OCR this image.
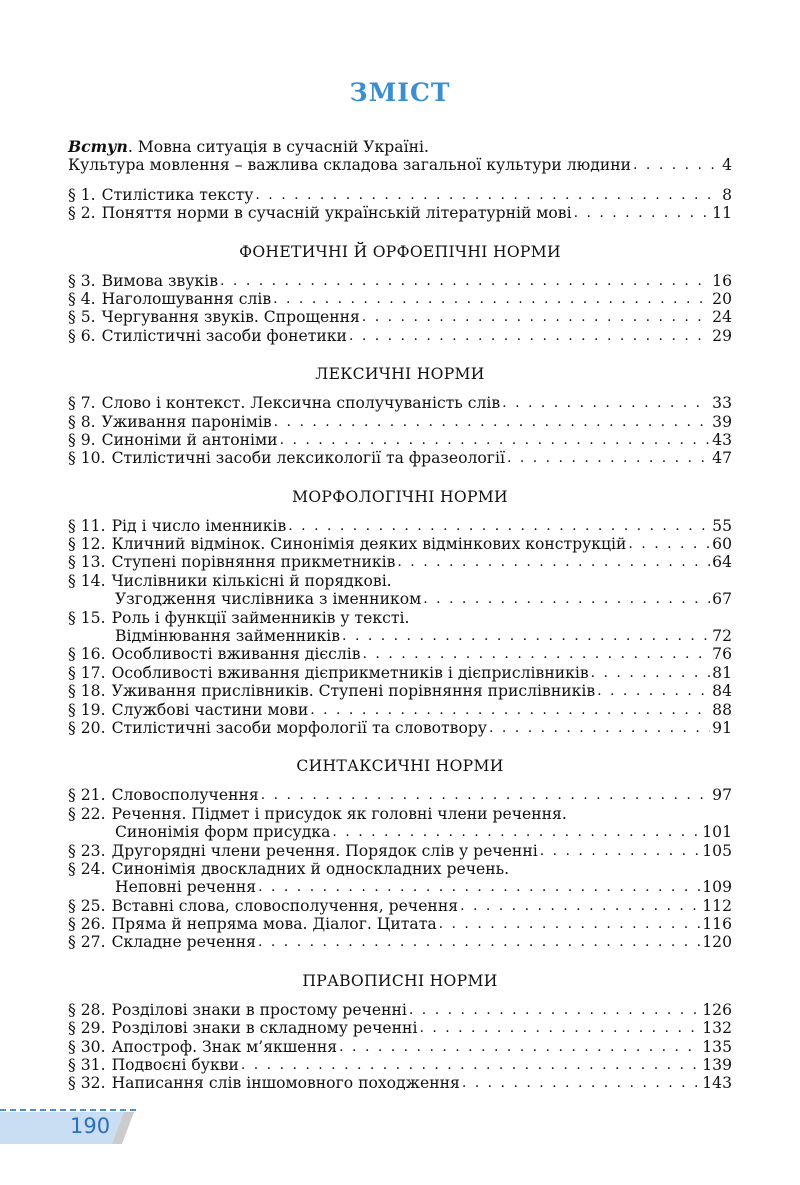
ЗМІСТ
Вступ . Мовна ситуація в сучасній Україні.
Культура мовлення – важлива складова загальної культури людини . . .	4
§ 1. Стилістика тексту . . .	8
§ 2. Поняття норми в сучасній українській літературній мові . . .	11
ФОНЕТИЧНІ Й ОРФОЕПІЧНІ НОРМИ
§ 3. Вимова звуків . . .	16
§ 4. Наголошування слів . . .	20
§ 5. Чергування звуків. Спрощення . . .	24
§ 6. Стилістичні засоби фонетики . . .	29
ЛЕКСИЧНІ НОРМИ
§ 7. Слово і контекст. Лексична сполучуваність слів . . .	33
§ 8. Уживання паронімів . . .	39
§ 9. Синоніми й антоніми . . .	43
§ 10. Стилістичні засоби лексикології та фразеології . . .	47
МОРФОЛОГІЧНІ НОРМИ
§ 11. Рід і число іменників . . .	55
§ 12. Кличний відмінок. Синонімія деяких відмінкових конструкцій . . .	60
§ 13. Ступені порівняння прикметників . . .	64
§ 14. Числівники кількісні й порядкові.
Узгодження числівника з іменником . . .	67
§ 15. Роль і функції займенників у тексті.
Відмінювання займенників . . .	72
§ 16. Особливості вживання дієслів . . .	76
§ 17. Особливості вживання дієприкметників і дієприслівників . . .	81
§ 18. Уживання прислівників. Ступені порівняння прислівників . . .	84
§ 19. Службові частини мови . . .	88
§ 20. Стилістичні засоби морфології та словотвору . . .	91
СИНТАКСИЧНІ НОРМИ
§ 21. Словосполучення . . .	97
§ 22. Речення. Підмет і присудок як головні члени речення.
Синонімія форм присудка . . .	101
§ 23. Другорядні члени речення. Порядок слів у реченні . . .	105
§ 24. Синонімія двоскладних й односкладних речень.
Неповні речення . . .	109
§ 25. Вставні слова, словосполучення, речення . . .	112
§ 26. Пряма й непряма мова. Діалог. Цитата . . .	116
§ 27. Складне речення . . .	120
ПРАВОПИСНІ НОРМИ
§ 28. Розділові знаки в простому реченні . . .	126
§ 29. Розділові знаки в складному реченні . . .	132
§ 30. Апостроф. Знак м’якшення . . .	135
§ 31. Подвоєні букви . . .	139
§ 32. Написання слів іншомовного походження . . .	143
190
